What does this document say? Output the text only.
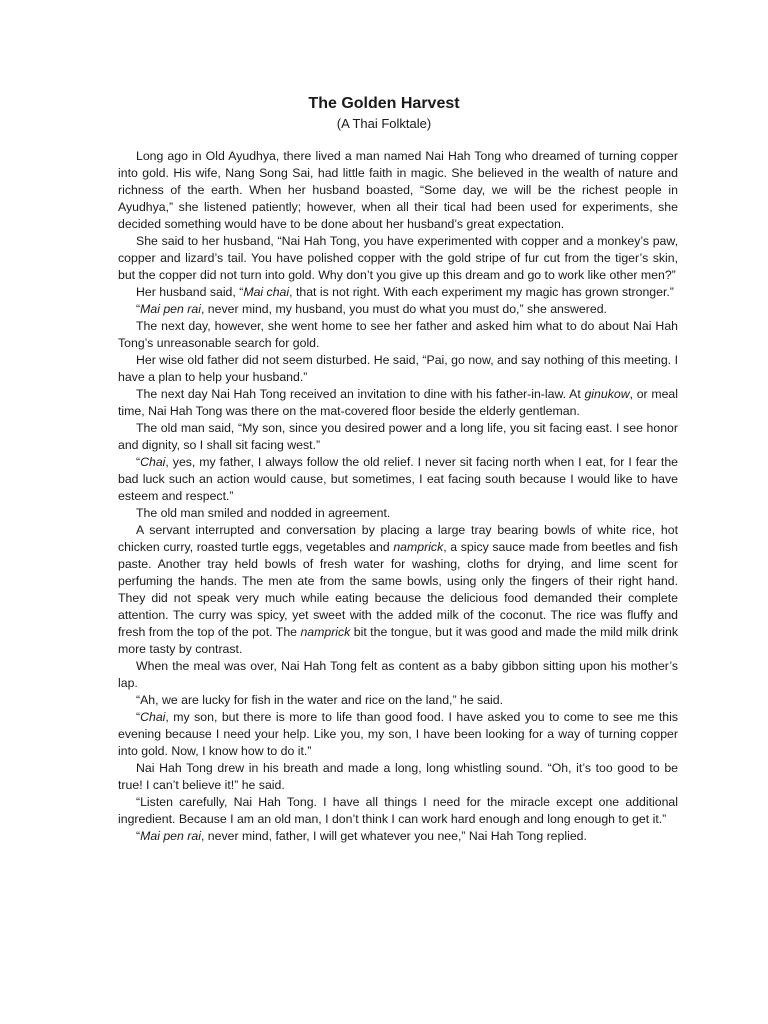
The Golden Harvest
(A Thai Folktale)

Long ago in Old Ayudhya, there lived a man named Nai Hah Tong who dreamed of turning copper into gold. His wife, Nang Song Sai, had little faith in magic. She believed in the wealth of nature and richness of the earth. When her husband boasted, “Some day, we will be the richest people in Ayudhya,” she listened patiently; however, when all their tical had been used for experiments, she decided something would have to be done about her husband’s great expectation.

She said to her husband, “Nai Hah Tong, you have experimented with copper and a monkey’s paw, copper and lizard’s tail. You have polished copper with the gold stripe of fur cut from the tiger’s skin, but the copper did not turn into gold. Why don’t you give up this dream and go to work like other men?”

Her husband said, “Mai chai, that is not right. With each experiment my magic has grown stronger.”

“Mai pen rai, never mind, my husband, you must do what you must do,” she answered.

The next day, however, she went home to see her father and asked him what to do about Nai Hah Tong’s unreasonable search for gold.

Her wise old father did not seem disturbed. He said, “Pai, go now, and say nothing of this meeting. I have a plan to help your husband.”

The next day Nai Hah Tong received an invitation to dine with his father-in-law. At ginukow, or meal time, Nai Hah Tong was there on the mat-covered floor beside the elderly gentleman.

The old man said, “My son, since you desired power and a long life, you sit facing east. I see honor and dignity, so I shall sit facing west.”

“Chai, yes, my father, I always follow the old relief. I never sit facing north when I eat, for I fear the bad luck such an action would cause, but sometimes, I eat facing south because I would like to have esteem and respect.”

The old man smiled and nodded in agreement.

A servant interrupted and conversation by placing a large tray bearing bowls of white rice, hot chicken curry, roasted turtle eggs, vegetables and namprick, a spicy sauce made from beetles and fish paste. Another tray held bowls of fresh water for washing, cloths for drying, and lime scent for perfuming the hands. The men ate from the same bowls, using only the fingers of their right hand. They did not speak very much while eating because the delicious food demanded their complete attention. The curry was spicy, yet sweet with the added milk of the coconut. The rice was fluffy and fresh from the top of the pot. The namprick bit the tongue, but it was good and made the mild milk drink more tasty by contrast.

When the meal was over, Nai Hah Tong felt as content as a baby gibbon sitting upon his mother’s lap.

“Ah, we are lucky for fish in the water and rice on the land,” he said.

“Chai, my son, but there is more to life than good food. I have asked you to come to see me this evening because I need your help. Like you, my son, I have been looking for a way of turning copper into gold. Now, I know how to do it.”

Nai Hah Tong drew in his breath and made a long, long whistling sound. “Oh, it’s too good to be true! I can’t believe it!” he said.

“Listen carefully, Nai Hah Tong. I have all things I need for the miracle except one additional ingredient. Because I am an old man, I don’t think I can work hard enough and long enough to get it.”

“Mai pen rai, never mind, father, I will get whatever you nee,” Nai Hah Tong replied.
